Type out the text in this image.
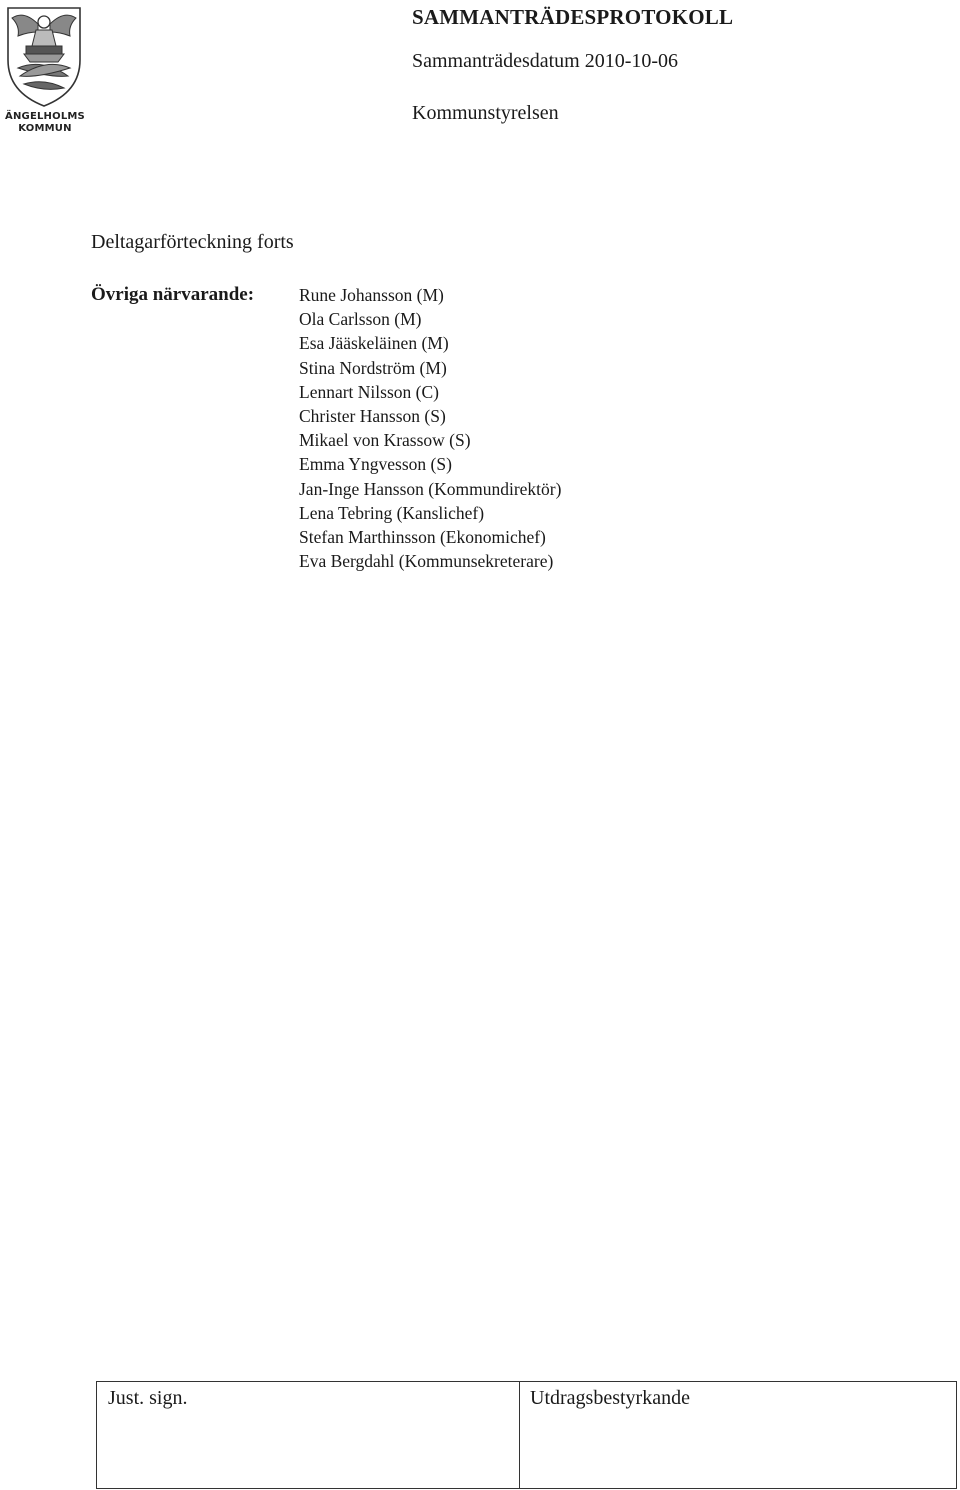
ÄNGELHOLMS
KOMMUN
SAMMANTRÄDESPROTOKOLL
Sammanträdesdatum 2010-10-06
Kommunstyrelsen
Deltagarförteckning forts
Övriga närvarande:	Rune Johansson (M)
Ola Carlsson (M)
Esa Jääskeläinen (M)
Stina Nordström (M)
Lennart Nilsson (C)
Christer Hansson (S)
Mikael von Krassow (S)
Emma Yngvesson (S)
Jan-Inge Hansson (Kommundirektör)
Lena Tebring (Kanslichef)
Stefan Marthinsson (Ekonomichef)
Eva Bergdahl (Kommunsekreterare)
Just. sign.	Utdragsbestyrkande
